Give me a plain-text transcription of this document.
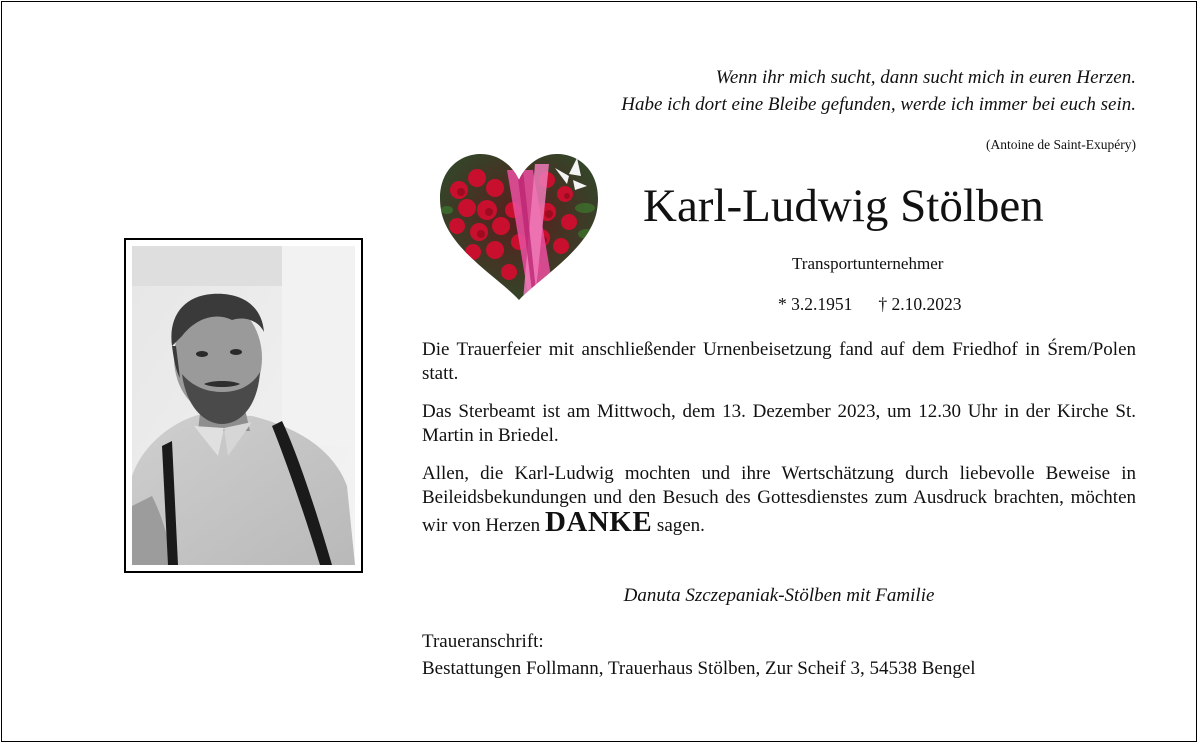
Wenn ihr mich sucht, dann sucht mich in euren Herzen.
Habe ich dort eine Bleibe gefunden, werde ich immer bei euch sein.
(Antoine de Saint-Exupéry)
Karl-Ludwig Stölben
Transportunternehmer
* 3.2.1951 † 2.10.2023

Die Trauerfeier mit anschließender Urnenbeisetzung fand auf dem Friedhof in Śrem/Polen statt.

Das Sterbeamt ist am Mittwoch, dem 13. Dezember 2023, um 12.30 Uhr in der Kirche St. Martin in Briedel.

Allen, die Karl-Ludwig mochten und ihre Wertschätzung durch liebevolle Beweise in Beileidsbekundungen und den Besuch des Gottesdienstes zum Ausdruck brachten, möchten wir von Herzen DANKE sagen.

Danuta Szczepaniak-Stölben mit Familie
Traueranschrift:
Bestattungen Follmann, Trauerhaus Stölben, Zur Scheif 3, 54538 Bengel
